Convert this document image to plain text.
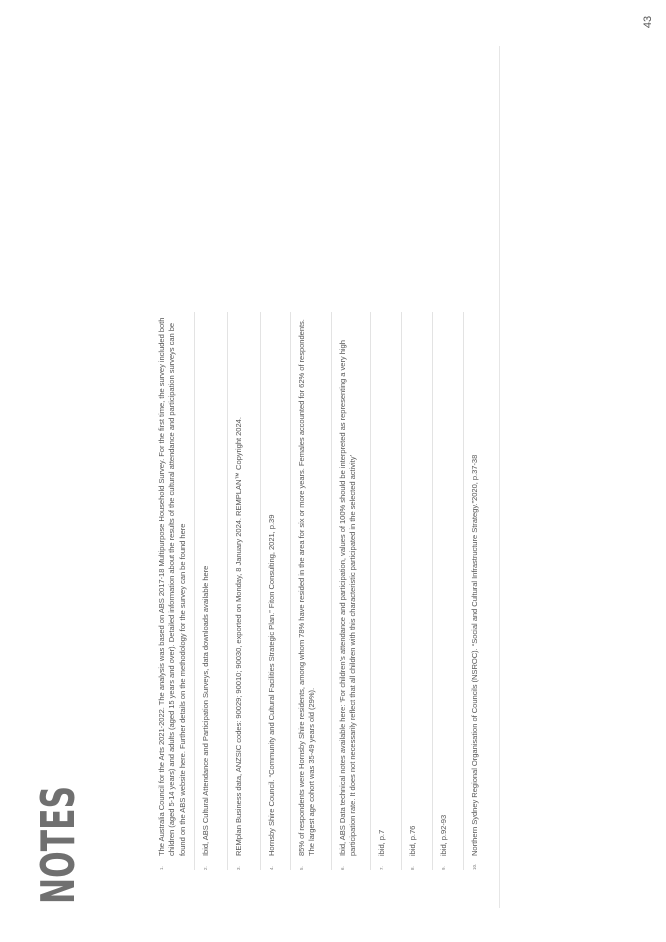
43
NOTES	1.
The Australia Council for the Arts 2021-2022. The analysis was based on ABS 2017-18 Multipurpose Household Survey. For the first time, the survey included both children (aged 5-14 years) and adults (aged 15 years and over). Detailed information about the results of the cultural attendance and participation surveys can be found on the ABS website here. Further details on the methodology for the survey can be found here
2.
Ibid, ABS Cultural Attendance and Participation Surveys, data downloads available here
3.
REMplan Business data, ANZSIC codes: 90029; 90010; 90030, exported on Monday, 8 January 2024. REMPLAN™ Copyright 2024.
4.
Hornsby Shire Council. “Community and Cultural Facilities Strategic Plan.” Fiton Consulting, 2021, p.39
5.
85% of respondents were Hornsby Shire residents, among whom 78% have resided in the area for six or more years. Females accounted for 62% of respondents. The largest age cohort was 35-49 years old (29%).
6.
Ibid, ABS Data technical notes available here: ‘For children’s attendance and participation, values of 100% should be interpreted as representing a very high participation rate. It does not necessarily reflect that all children with this characteristic participated in the selected activity’
7.
ibid, p.7
8.
ibid, p.76
9.
ibid, p.92-93
10.
Northern Sydney Regional Organisation of Councils (NSROC). “Social and Cultural Infrastructure Strategy.”2020, p.37-38
